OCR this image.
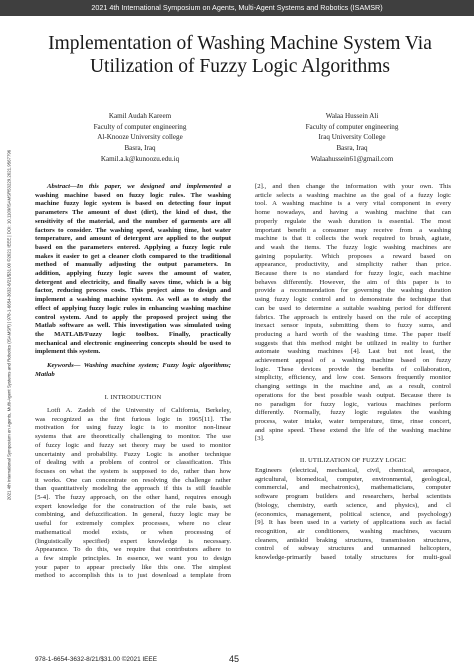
2021 4th International Symposium on Agents, Multi-Agent Systems and Robotics (ISAMSR)
2021 4th International Symposium on Agents, Multi-Agent Systems and Robotics (ISAMSR) | 978-1-6654-3632-8/21/$31.00 ©2021 IEEE | DOI: 10.1109/ISAMSR53229.2021.9567796
Implementation of Washing Machine System Via
Utilization of Fuzzy Logic Algorithms
Kamil Audah Kareem
Faculty of computer engineering
Al-Knooze University college
Basra, Iraq
Kamil.a.k@kunoozu.edu.iq
Walaa Hussein Ali
Faculty of computer engineering
Iraq University College
Basra, Iraq
Walaahussein61@gmail.com

Abstract—In this paper, we designed and implemented a

washing machine based on fuzzy logic rules. The washing

machine fuzzy logic system is based on detecting four input

parameters The amount of dust (dirt), the kind of dust, the

sensitivity of the material, and the number of garments are all

factors to consider. The washing speed, washing time, hot water

temperature, and amount of detergent are applied to the output

based on the parameters entered. Applying a fuzzy logic rule

makes it easier to get a cleaner cloth compared to the traditional

method of manually adjusting the output parameters. In

addition, applying fuzzy logic saves the amount of water,

detergent and electricity, and finally saves time, which is a big

factor, reducing process costs. This project aims to design and

implement a washing machine system. As well as to study the

effect of applying fuzzy logic rules in enhancing washing machine

control system. And to apply the proposed project using the

Matlab software as well. This investigation was simulated using

the MATLAB/Fuzzy logic toolbox. Finally, practically

mechanical and electronic engineering concepts should be used to

implement this system.

Keywords— Washing machine system; Fuzzy logic algorithms;

Matlab

I. INTRODUCTION

Lotfi A. Zadeh of the University of California, Berkeley,

was recognized as the first furious logic in 1965[11]. The

motivation for using fuzzy logic is to monitor non-linear

systems that are theoretically challenging to monitor. The use

of fuzzy logic and fuzzy set theory may be used to monitor

uncertainty and probability. Fuzzy Logic is another technique

of dealing with a problem of control or classification. This

focuses on what the system is supposed to do, rather than how

it works. One can concentrate on resolving the challenge rather

than quantitatively modeling the approach if this is still feasible

[5-4]. The fuzzy approach, on the other hand, requires enough

expert knowledge for the construction of the rule basis, set

combining, and defuzzification. In general, fuzzy logic may be

useful for extremely complex processes, where no clear

mathematical model exists, or when processing of

(linguistically specified) expert knowledge is necessary.

Appearance. To do this, we require that contributors adhere to

a few simple principles. In essence, we want you to design

your paper to appear precisely like this one. The simplest

method to accomplish this is to just download a template from

[2]., and then change the information with your own. This

article selects a washing machine as the goal of a fuzzy logic

tool. A washing machine is a very vital component in every

home nowadays, and having a washing machine that can

properly regulate the wash duration is essential. The most

important benefit a consumer may receive from a washing

machine is that it collects the work required to brush, agitate,

and wash the items. The fuzzy logic washing machines are

gaining popularity. Which proposes a reward based on

appearance, productivity, and simplicity rather than price.

Because there is no standard for fuzzy logic, each machine

behaves differently. However, the aim of this paper is to

provide a recommendation for governing the washing duration

using fuzzy logic control and to demonstrate the technique that

can be used to determine a suitable washing period for different

fabrics. The approach is entirely based on the rule of accepting

inexact sensor inputs, submitting them to fuzzy sums, and

producing a hard worth of the washing time. The paper itself

suggests that this method might be utilized in reality to further

automate washing machines [4]. Last but not least, the

achievement appeal of a washing machine based on fuzzy

logic. These devices provide the benefits of collaboration,

simplicity, efficiency, and low cost. Sensors frequently monitor

changing settings in the machine and, as a result, control

operations for the best possible wash output. Because there is

no paradigm for fuzzy logic, various machines perform

differently. Normally, fuzzy logic regulates the washing

process, water intake, water temperature, time, rinse concert,

and spine speed. These extend the life of the washing machine

[3].

II. UTILIZATION OF FUZZY LOGIC

Engineers (electrical, mechanical, civil, chemical, aerospace,

agricultural, biomedical, computer, environmental, geological,

commercial, and mechatronics), mathematicians, computer

software program builders and researchers, herbal scientists

(biology, chemistry, earth science, and physics), and cl

(economics, management, political science, and psychology)

[9]. It has been used in a variety of applications such as facial

recognition, air conditioners, washing machines, vacuum

cleaners, antiskid braking structures, transmission structures,

control of subway structures and unmanned helicopters,

knowledge-primarily based totally structures for multi-goal

978-1-6654-3632-8/21/$31.00 ©2021 IEEE	45
